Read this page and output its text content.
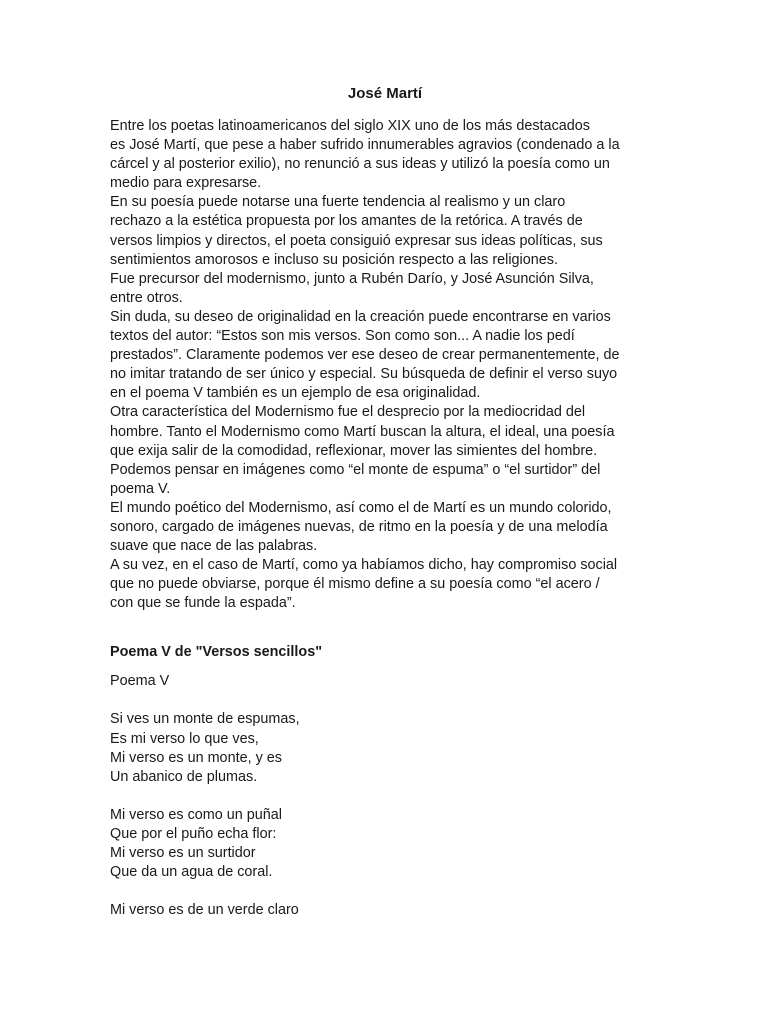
José Martí

Entre los poetas latinoamericanos del siglo XIX uno de los más destacados
es José Martí, que pese a haber sufrido innumerables agravios (condenado a la
cárcel y al posterior exilio), no renunció a sus ideas y utilizó la poesía como un
medio para expresarse.

En su poesía puede notarse una fuerte tendencia al realismo y un claro
rechazo a la estética propuesta por los amantes de la retórica. A través de
versos limpios y directos, el poeta consiguió expresar sus ideas políticas, sus
sentimientos amorosos e incluso su posición respecto a las religiones.

Fue precursor del modernismo, junto a Rubén Darío, y José Asunción Silva,
entre otros.

Sin duda, su deseo de originalidad en la creación puede encontrarse en varios
textos del autor: “Estos son mis versos. Son como son... A nadie los pedí
prestados”. Claramente podemos ver ese deseo de crear permanentemente, de
no imitar tratando de ser único y especial. Su búsqueda de definir el verso suyo
en el poema V también es un ejemplo de esa originalidad.

Otra característica del Modernismo fue el desprecio por la mediocridad del
hombre. Tanto el Modernismo como Martí buscan la altura, el ideal, una poesía
que exija salir de la comodidad, reflexionar, mover las simientes del hombre.
Podemos pensar en imágenes como “el monte de espuma” o “el surtidor” del
poema V.

El mundo poético del Modernismo, así como el de Martí es un mundo colorido,
sonoro, cargado de imágenes nuevas, de ritmo en la poesía y de una melodía
suave que nace de las palabras.

A su vez, en el caso de Martí, como ya habíamos dicho, hay compromiso social
que no puede obviarse, porque él mismo define a su poesía como “el acero /
con que se funde la espada”.

Poema V de "Versos sencillos"
Poema V
Si ves un monte de espumas,
Es mi verso lo que ves,
Mi verso es un monte, y es
Un abanico de plumas.
Mi verso es como un puñal
Que por el puño echa flor:
Mi verso es un surtidor
Que da un agua de coral.
Mi verso es de un verde claro
